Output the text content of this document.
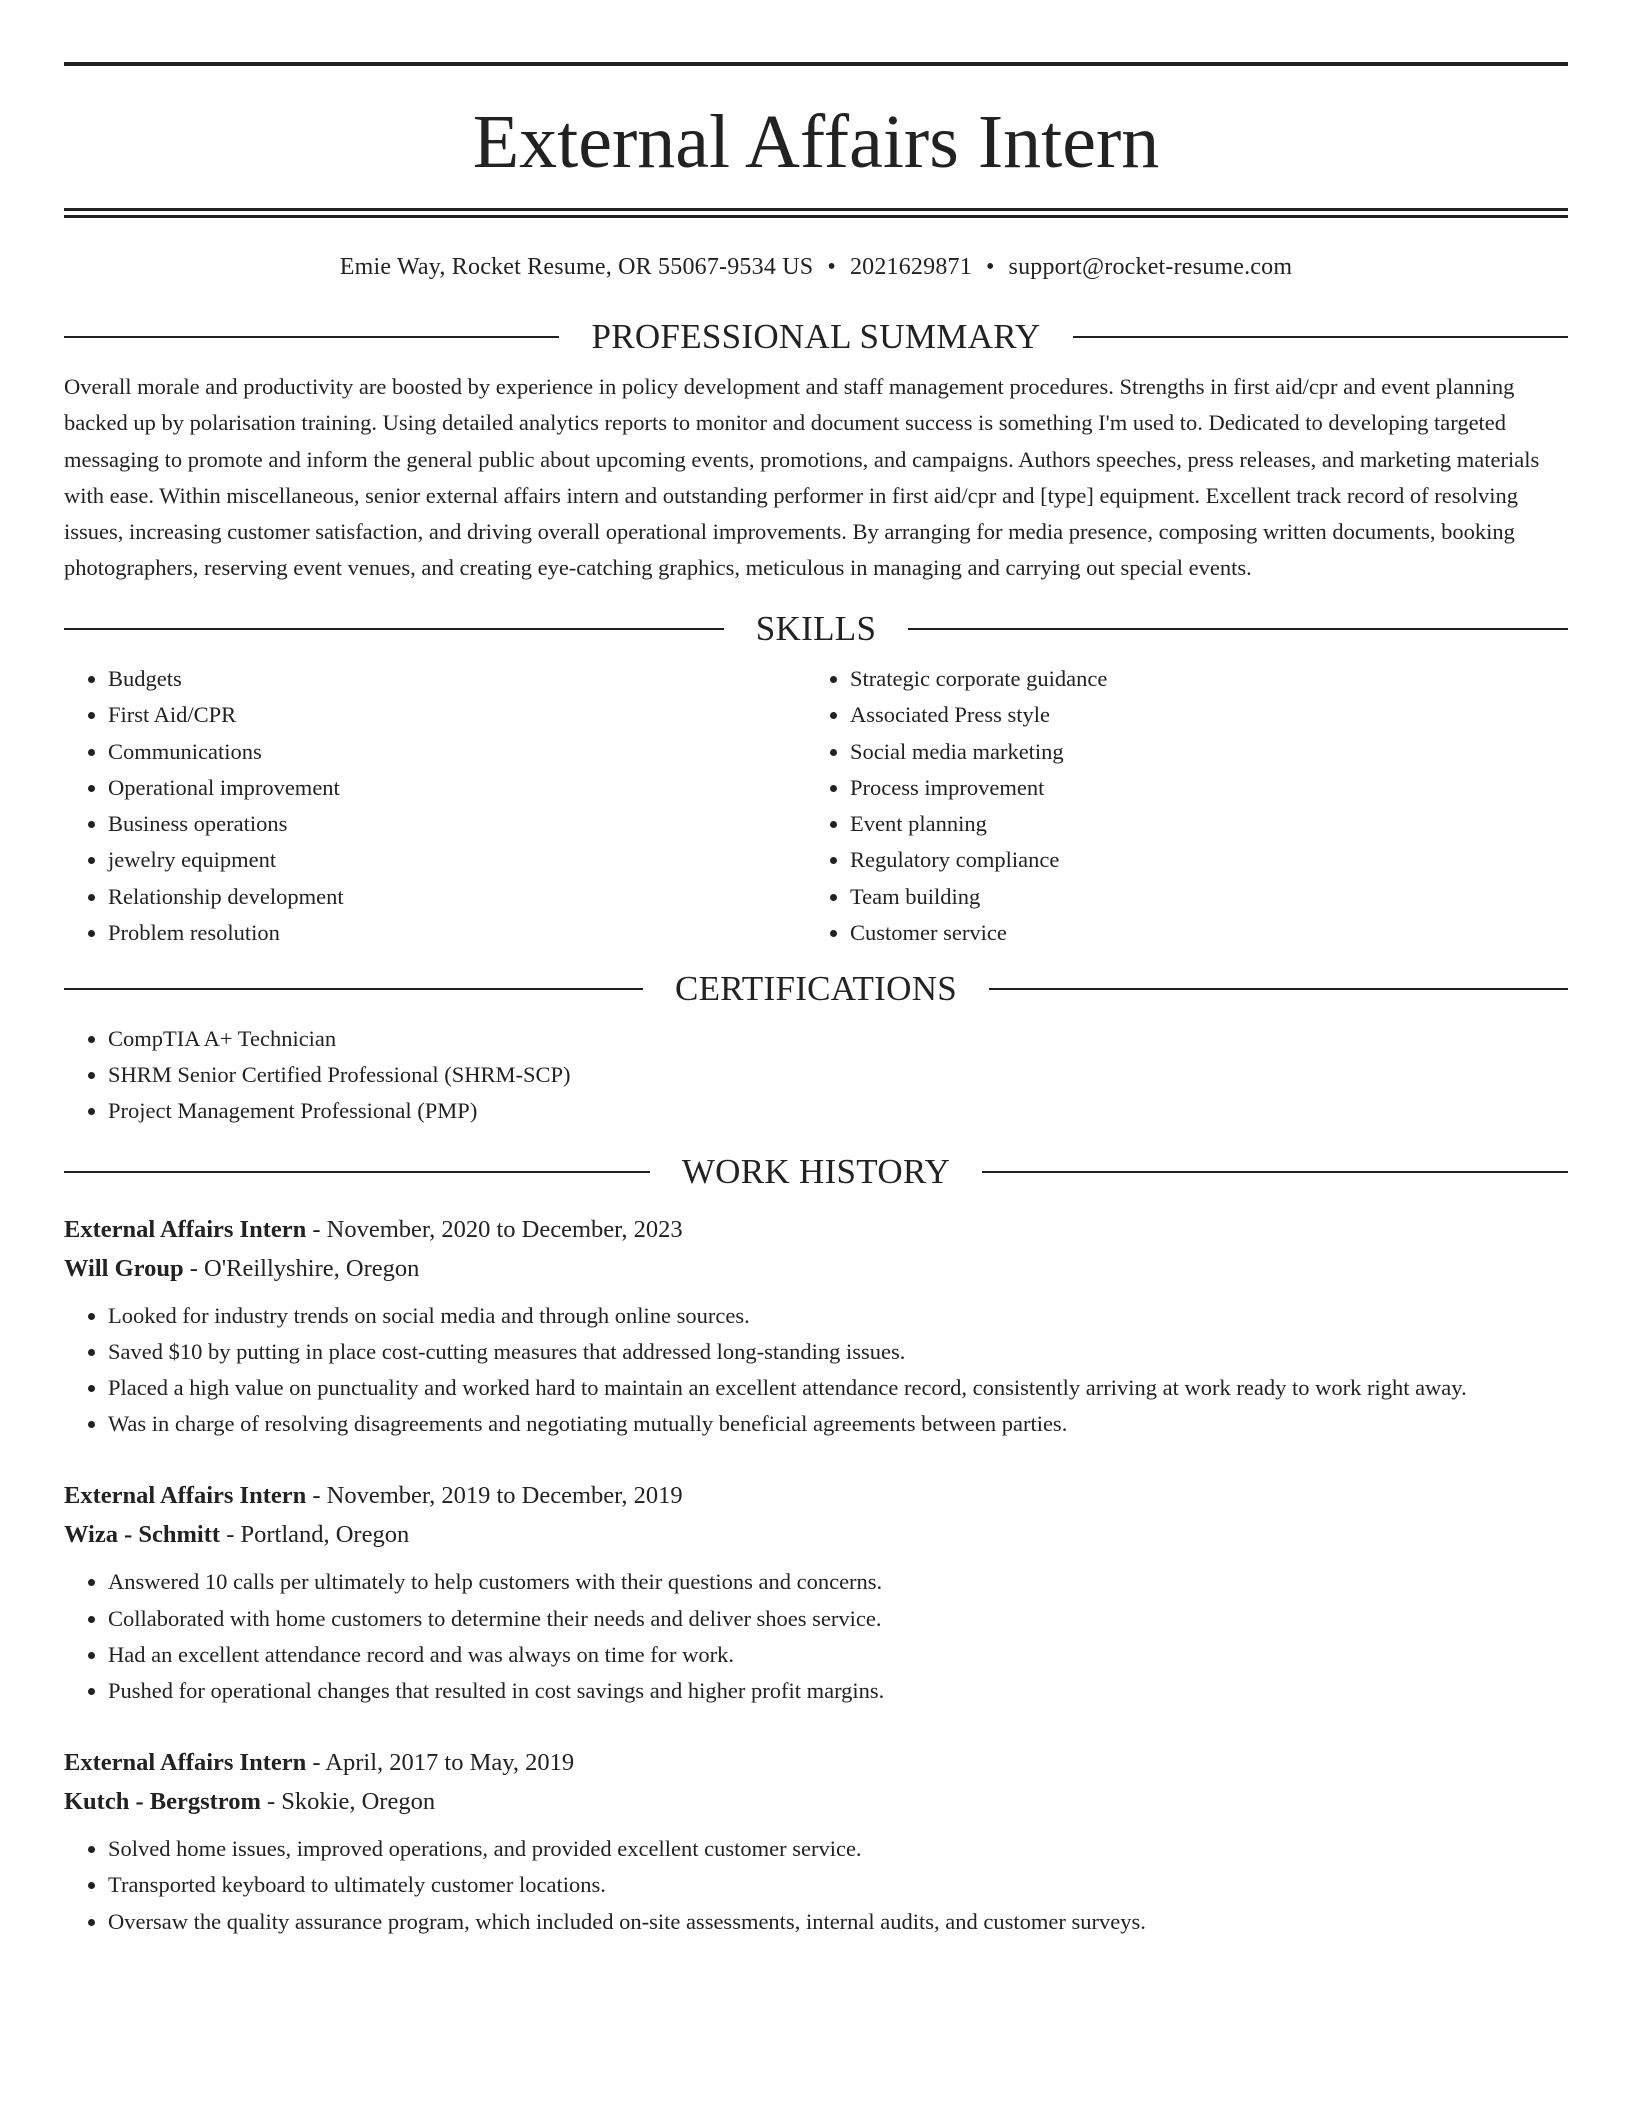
External Affairs Intern
Emie Way, Rocket Resume, OR 55067-9534 US • 2021629871 • support@rocket-resume.com
PROFESSIONAL SUMMARY

Overall morale and productivity are boosted by experience in policy development and staff management procedures. Strengths in first aid/cpr and event planning backed up by polarisation training. Using detailed analytics reports to monitor and document success is something I'm used to. Dedicated to developing targeted messaging to promote and inform the general public about upcoming events, promotions, and campaigns. Authors speeches, press releases, and marketing materials with ease. Within miscellaneous, senior external affairs intern and outstanding performer in first aid/cpr and [type] equipment. Excellent track record of resolving issues, increasing customer satisfaction, and driving overall operational improvements. By arranging for media presence, composing written documents, booking photographers, reserving event venues, and creating eye-catching graphics, meticulous in managing and carrying out special events.

SKILLS
• Budgets
• First Aid/CPR
• Communications
• Operational improvement
• Business operations
• jewelry equipment
• Relationship development
• Problem resolution
• Strategic corporate guidance
• Associated Press style
• Social media marketing
• Process improvement
• Event planning
• Regulatory compliance
• Team building
• Customer service
CERTIFICATIONS
• CompTIA A+ Technician
• SHRM Senior Certified Professional (SHRM-SCP)
• Project Management Professional (PMP)
WORK HISTORY
External Affairs Intern - November, 2020 to December, 2023
Will Group - O'Reillyshire, Oregon
• Looked for industry trends on social media and through online sources.
• Saved $10 by putting in place cost-cutting measures that addressed long-standing issues.
• Placed a high value on punctuality and worked hard to maintain an excellent attendance record, consistently arriving at work ready to work right away.
• Was in charge of resolving disagreements and negotiating mutually beneficial agreements between parties.
External Affairs Intern - November, 2019 to December, 2019
Wiza - Schmitt - Portland, Oregon
• Answered 10 calls per ultimately to help customers with their questions and concerns.
• Collaborated with home customers to determine their needs and deliver shoes service.
• Had an excellent attendance record and was always on time for work.
• Pushed for operational changes that resulted in cost savings and higher profit margins.
External Affairs Intern - April, 2017 to May, 2019
Kutch - Bergstrom - Skokie, Oregon
• Solved home issues, improved operations, and provided excellent customer service.
• Transported keyboard to ultimately customer locations.
• Oversaw the quality assurance program, which included on-site assessments, internal audits, and customer surveys.
